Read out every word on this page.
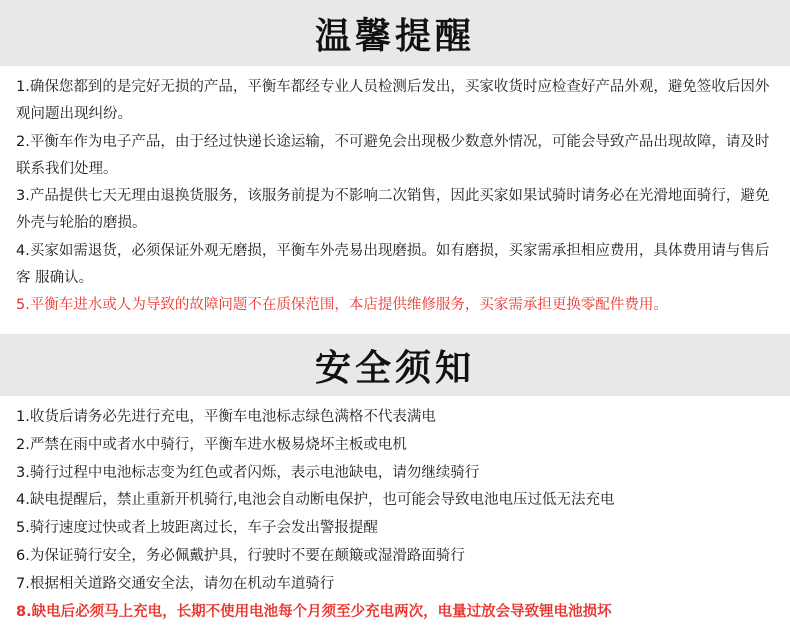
温馨提醒
1.确保您都到的是完好无损的产品，平衡车都经专业人员检测后发出，买家收货时应检查好产品外观，避免签收后因外观问题出现纠纷。
2.平衡车作为电子产品，由于经过快递长途运输，不可避免会出现极少数意外情况，可能会导致产品出现故障，请及时联系我们处理。
3.产品提供七天无理由退换货服务，该服务前提为不影响二次销售，因此买家如果试骑时请务必在光滑地面骑行，避免外壳与轮胎的磨损。
4.买家如需退货，必须保证外观无磨损，平衡车外壳易出现磨损。如有磨损，买家需承担相应费用，具体费用请与售后客 服确认。
5.平衡车进水或人为导致的故障问题不在质保范围，本店提供维修服务，买家需承担更换零配件费用。
安全须知
1.收货后请务必先进行充电，平衡车电池标志绿色满格不代表满电
2.严禁在雨中或者水中骑行，平衡车进水极易烧坏主板或电机
3.骑行过程中电池标志变为红色或者闪烁，表示电池缺电，请勿继续骑行
4.缺电提醒后，禁止重新开机骑行,电池会自动断电保护，也可能会导致电池电压过低无法充电
5.骑行速度过快或者上坡距离过长，车子会发出警报提醒
6.为保证骑行安全，务必佩戴护具，行驶时不要在颠簸或湿滑路面骑行
7.根据相关道路交通安全法，请勿在机动车道骑行
8.缺电后必须马上充电，长期不使用电池每个月须至少充电两次，电量过放会导致锂电池损坏
